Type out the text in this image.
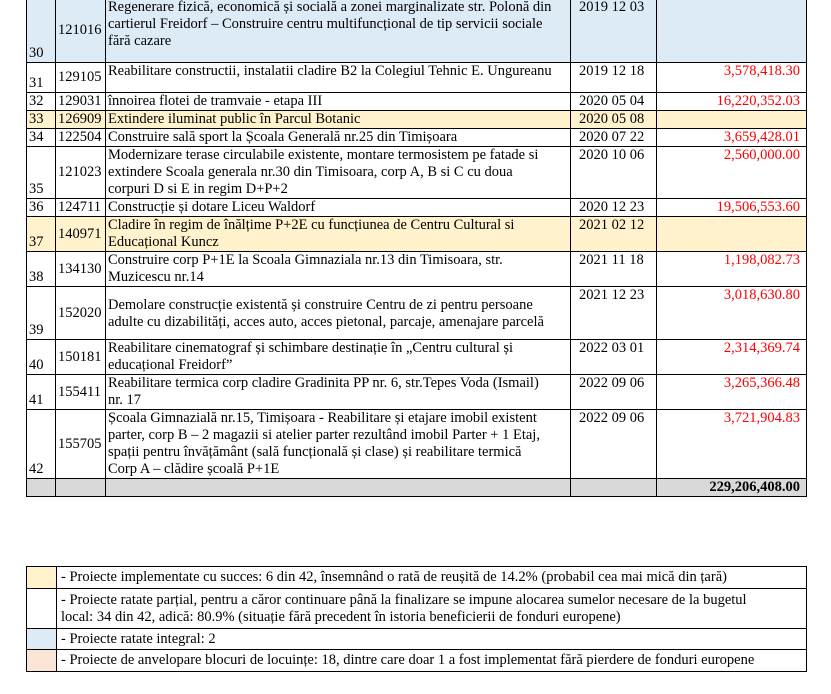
30	121016	Regenerare fizică, economică și socială a zonei marginalizate str. Polonă din
cartierul Freidorf – Construire centru multifuncțional de tip servicii sociale
fără cazare	2019 12 03	
31	129105	Reabilitare constructii, instalatii cladire B2 la Colegiul Tehnic E. Ungureanu	2019 12 18	3,578,418.30
32	129031	înnoirea flotei de tramvaie - etapa III	2020 05 04	16,220,352.03
33	126909	Extindere iluminat public în Parcul Botanic	2020 05 08	
34	122504	Construire sală sport la Școala Generală nr.25 din Timișoara	2020 07 22	3,659,428.01
35	121023	Modernizare terase circulabile existente, montare termosistem pe fatade si
extindere Scoala generala nr.30 din Timisoara, corp A, B si C cu doua
corpuri D si E in regim D+P+2	2020 10 06	2,560,000.00
36	124711	Construcție și dotare Liceu Waldorf	2020 12 23	19,506,553.60
37	140971	Cladire în regim de înălțime P+2E cu funcțiunea de Centru Cultural si
Educațional Kuncz	2021 02 12	
38	134130	Construire corp P+1E la Scoala Gimnaziala nr.13 din Timisoara, str.
Muzicescu nr.14	2021 11 18	1,198,082.73
39	152020	Demolare construcție existentă și construire Centru de zi pentru persoane
adulte cu dizabilități, acces auto, acces pietonal, parcaje, amenajare parcelă	2021 12 23	3,018,630.80
40	150181	Reabilitare cinematograf și schimbare destinație în „Centru cultural și
educațional Freidorf”	2022 03 01	2,314,369.74
41	155411	Reabilitare termica corp cladire Gradinita PP nr. 6, str.Tepes Voda (Ismail)
nr. 17	2022 09 06	3,265,366.48
42	155705	Școala Gimnazială nr.15, Timișoara - Reabilitare și etajare imobil existent
parter, corp B – 2 magazii si atelier parter rezultând imobil Parter + 1 Etaj,
spații pentru învățământ (sală funcțională și clase) și reabilitare termică
Corp A – clădire școală P+1E	2022 09 06	3,721,904.83
				229,206,408.00

	- Proiecte implementate cu succes: 6 din 42, însemnând o rată de reușită de 14.2% (probabil cea mai mică din țară)

	- Proiecte ratate parțial, pentru a căror continuare până la finalizare se impune alocarea sumelor necesare de la bugetul
local: 34 din 42, adică: 80.9% (situație fără precedent în istoria beneficierii de fonduri europene)

	- Proiecte ratate integral: 2

	- Proiecte de anvelopare blocuri de locuințe: 18, dintre care doar 1 a fost implementat fără pierdere de fonduri europene
